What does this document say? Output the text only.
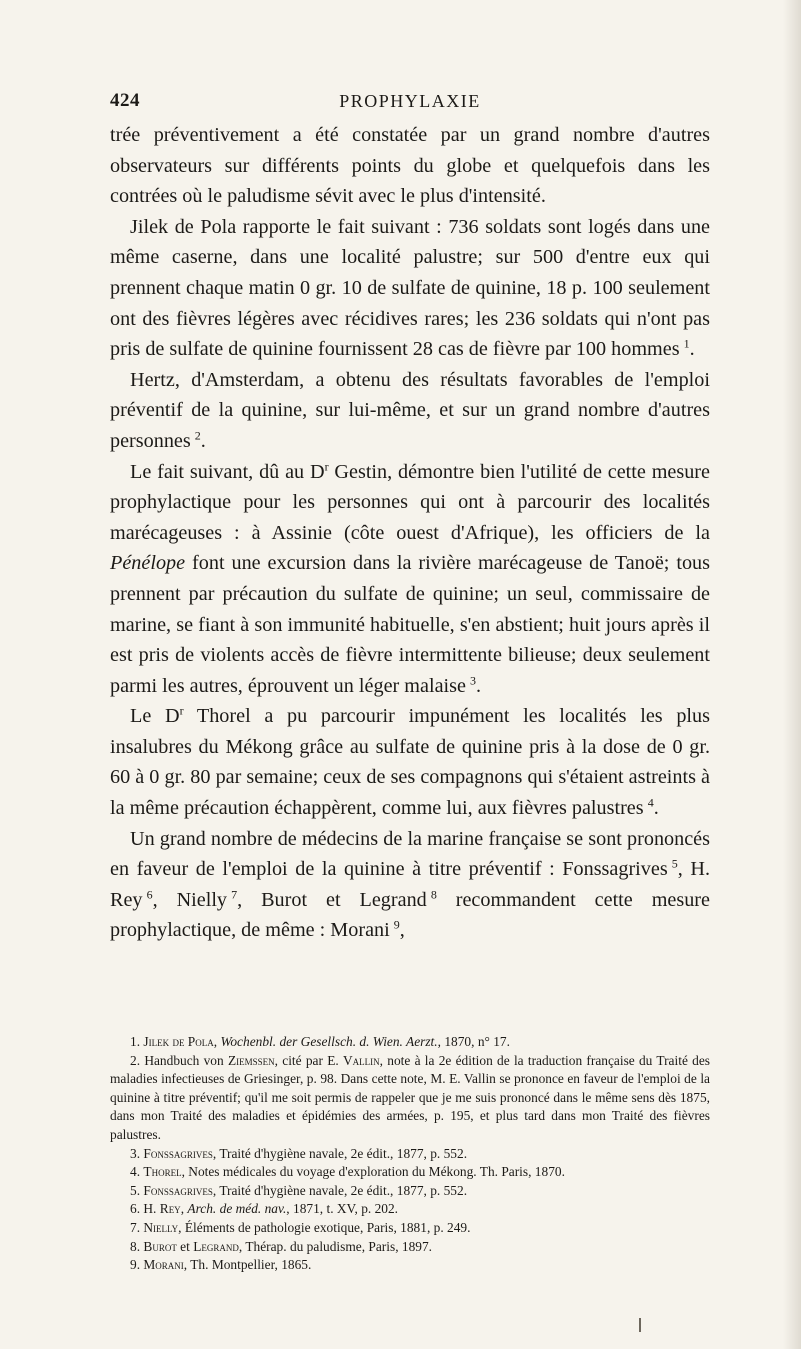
424	PROPHYLAXIE

trée préventivement a été constatée par un grand nombre d'autres observateurs sur différents points du globe et quelquefois dans les contrées où le paludisme sévit avec le plus d'intensité.

Jilek de Pola rapporte le fait suivant : 736 soldats sont logés dans une même caserne, dans une localité palustre; sur 500 d'entre eux qui prennent chaque matin 0 gr. 10 de sulfate de quinine, 18 p. 100 seulement ont des fièvres légères avec récidives rares; les 236 soldats qui n'ont pas pris de sulfate de quinine fournissent 28 cas de fièvre par 100 hommes  $^1$.

Hertz, d'Amsterdam, a obtenu des résultats favorables de l'emploi préventif de la quinine, sur lui-même, et sur un grand nombre d'autres personnes  $^2$.

Le fait suivant, dû au D$^r$ Gestin, démontre bien l'utilité de cette mesure prophylactique pour les personnes qui ont à parcourir des localités marécageuses : à Assinie (côte ouest d'Afrique), les officiers de la Pénélope font une excursion dans la rivière marécageuse de Tanoë; tous prennent par précaution du sulfate de quinine; un seul, commissaire de marine, se fiant à son immunité habituelle, s'en abstient; huit jours après il est pris de violents accès de fièvre intermittente bilieuse; deux seulement parmi les autres, éprouvent un léger malaise  $^3$.

Le D$^r$ Thorel a pu parcourir impunément les localités les plus insalubres du Mékong grâce au sulfate de quinine pris à la dose de 0 gr. 60 à 0 gr. 80 par semaine; ceux de ses compagnons qui s'étaient astreints à la même précaution échappèrent, comme lui, aux fièvres palustres  $^4$.

Un grand nombre de médecins de la marine française se sont prononcés en faveur de l'emploi de la quinine à titre préventif : Fonssagrives  $^5$, H. Rey  $^6$, Nielly  $^7$, Burot et Legrand  $^8$ recommandent cette mesure prophylactique, de même : Morani  $^9$,

1. Jilek de Pola, Wochenbl. der Gesellsch. d. Wien. Aerzt., 1870, n° 17.

2. Handbuch von Ziemssen, cité par E. Vallin, note à la 2e édition de la traduction française du Traité des maladies infectieuses de Griesinger, p. 98. Dans cette note, M. E. Vallin se prononce en faveur de l'emploi de la quinine à titre préventif; qu'il me soit permis de rappeler que je me suis prononcé dans le même sens dès 1875, dans mon Traité des maladies et épidémies des armées, p. 195, et plus tard dans mon Traité des fièvres palustres.

3. Fonssagrives, Traité d'hygiène navale, 2e édit., 1877, p. 552.

4. Thorel, Notes médicales du voyage d'exploration du Mékong. Th. Paris, 1870.

5. Fonssagrives, Traité d'hygiène navale, 2e édit., 1877, p. 552.

6. H. Rey, Arch. de méd. nav., 1871, t. XV, p. 202.

7. Nielly, Éléments de pathologie exotique, Paris, 1881, p. 249.

8. Burot et Legrand, Thérap. du paludisme, Paris, 1897.

9. Morani, Th. Montpellier, 1865.
